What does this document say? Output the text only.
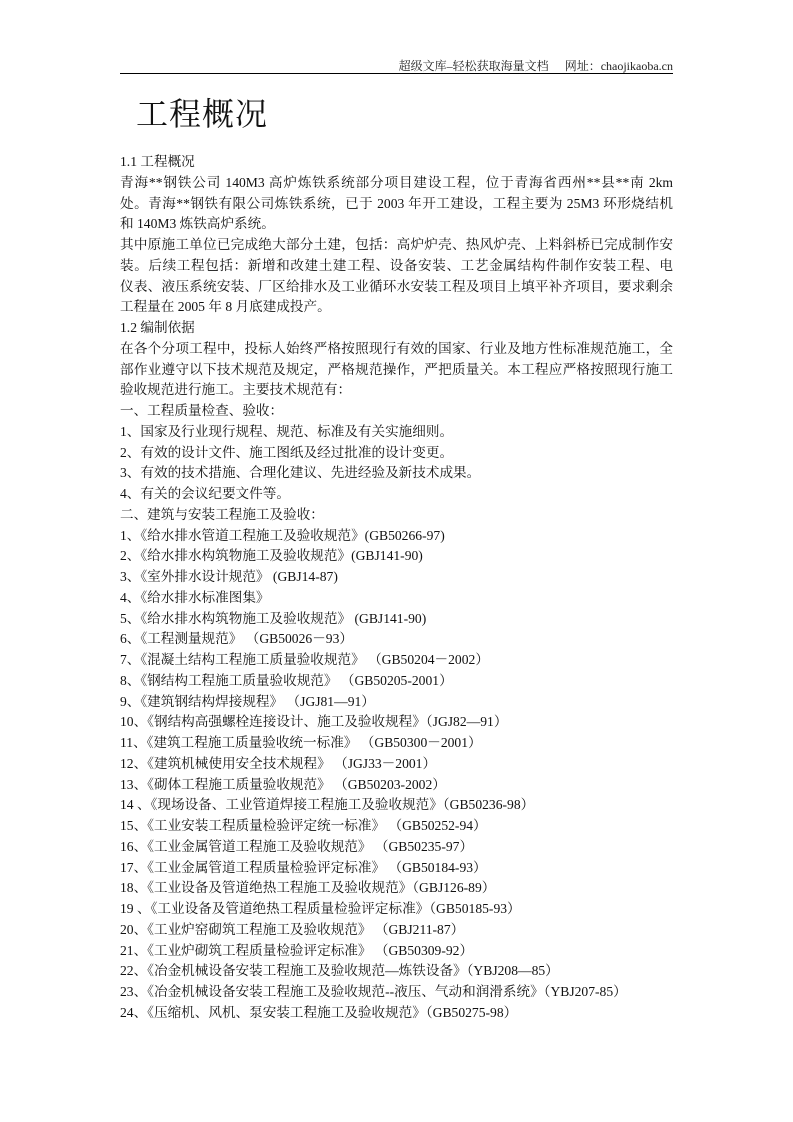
超级文库–轻松获取海量文档 网址：chaojikaoba.cn
工程概况
1.1 工程概况
青海**钢铁公司 140M3 高炉炼铁系统部分项目建设工程，位于青海省西州**县**南 2km
处。青海**钢铁有限公司炼铁系统，已于 2003 年开工建设，工程主要为 25M3 环形烧结机
和 140M3 炼铁高炉系统。
其中原施工单位已完成绝大部分土建，包括：高炉炉壳、热风炉壳、上料斜桥已完成制作安
装。后续工程包括：新增和改建土建工程、设备安装、工艺金属结构件制作安装工程、电
仪表、液压系统安装、厂区给排水及工业循环水安装工程及项目上填平补齐项目，要求剩余
工程量在 2005 年 8 月底建成投产。
1.2 编制依据
在各个分项工程中，投标人始终严格按照现行有效的国家、行业及地方性标准规范施工，全
部作业遵守以下技术规范及规定，严格规范操作，严把质量关。本工程应严格按照现行施工
验收规范进行施工。主要技术规范有：
一、工程质量检查、验收：
1、国家及行业现行规程、规范、标准及有关实施细则。
2、有效的设计文件、施工图纸及经过批准的设计变更。
3、有效的技术措施、合理化建议、先进经验及新技术成果。
4、有关的会议纪要文件等。
二、建筑与安装工程施工及验收：
1、《给水排水管道工程施工及验收规范》(GB50266-97)
2、《给水排水构筑物施工及验收规范》(GBJ141-90)
3、《室外排水设计规范》 (GBJ14-87)
4、《给水排水标准图集》
5、《给水排水构筑物施工及验收规范》 (GBJ141-90)
6、《工程测量规范》 （GB50026－93）
7、《混凝土结构工程施工质量验收规范》 （GB50204－2002）
8、《钢结构工程施工质量验收规范》 （GB50205-2001）
9、《建筑钢结构焊接规程》 （JGJ81—91）
10、《钢结构高强螺栓连接设计、施工及验收规程》（JGJ82—91）
11、《建筑工程施工质量验收统一标准》 （GB50300－2001）
12、《建筑机械使用安全技术规程》 （JGJ33－2001）
13、《砌体工程施工质量验收规范》 （GB50203-2002）
14 、《现场设备、工业管道焊接工程施工及验收规范》（GB50236-98）
15、《工业安装工程质量检验评定统一标准》 （GB50252-94）
16、《工业金属管道工程施工及验收规范》 （GB50235-97）
17、《工业金属管道工程质量检验评定标准》 （GB50184-93）
18、《工业设备及管道绝热工程施工及验收规范》（GBJ126-89）
19 、《工业设备及管道绝热工程质量检验评定标准》（GB50185-93）
20、《工业炉窑砌筑工程施工及验收规范》 （GBJ211-87）
21、《工业炉砌筑工程质量检验评定标准》 （GB50309-92）
22、《冶金机械设备安装工程施工及验收规范—炼铁设备》（YBJ208—85）
23、《冶金机械设备安装工程施工及验收规范--液压、气动和润滑系统》（YBJ207-85）
24、《压缩机、风机、泵安装工程施工及验收规范》（GB50275-98）
